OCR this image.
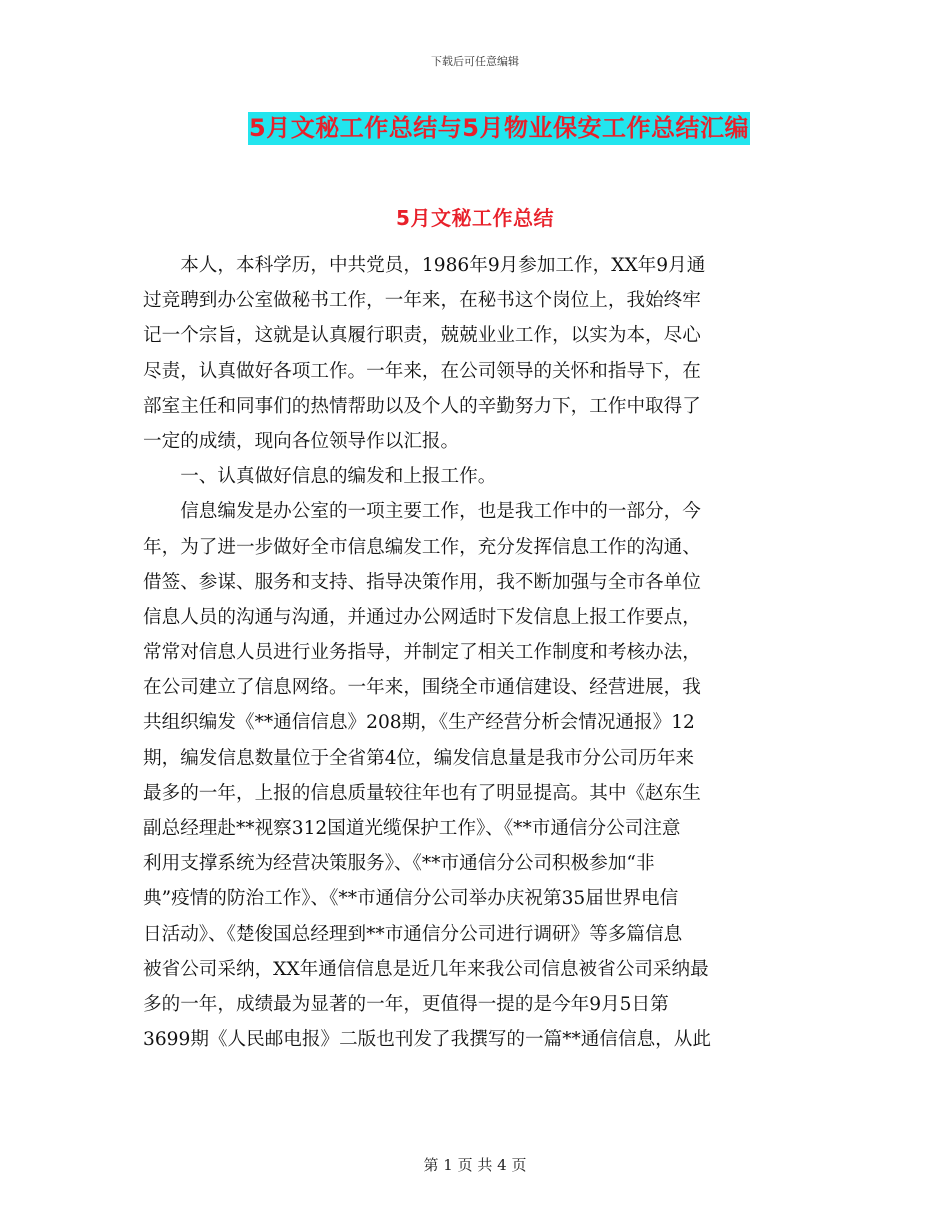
下载后可任意编辑
5月文秘工作总结与5月物业保安工作总结汇编
5月文秘工作总结
　　本人，本科学历，中共党员，1986年9月参加工作，XX年9月通
过竞聘到办公室做秘书工作，一年来，在秘书这个岗位上，我始终牢
记一个宗旨，这就是认真履行职责，兢兢业业工作，以实为本，尽心
尽责，认真做好各项工作。一年来，在公司领导的关怀和指导下，在
部室主任和同事们的热情帮助以及个人的辛勤努力下，工作中取得了
一定的成绩，现向各位领导作以汇报。
　　一、认真做好信息的编发和上报工作。
　　信息编发是办公室的一项主要工作，也是我工作中的一部分，今
年，为了进一步做好全市信息编发工作，充分发挥信息工作的沟通、
借签、参谋、服务和支持、指导决策作用，我不断加强与全市各单位
信息人员的沟通与沟通，并通过办公网适时下发信息上报工作要点，
常常对信息人员进行业务指导，并制定了相关工作制度和考核办法，
在公司建立了信息网络。一年来，围绕全市通信建设、经营进展，我
共组织编发《**通信信息》208期，《生产经营分析会情况通报》12
期，编发信息数量位于全省第4位，编发信息量是我市分公司历年来
最多的一年，上报的信息质量较往年也有了明显提高。其中《赵东生
副总经理赴**视察312国道光缆保护工作》、《**市通信分公司注意
利用支撑系统为经营决策服务》、《**市通信分公司积极参加“非
典”疫情的防治工作》、《**市通信分公司举办庆祝第35届世界电信
日活动》、《楚俊国总经理到**市通信分公司进行调研》等多篇信息
被省公司采纳，XX年通信信息是近几年来我公司信息被省公司采纳最
多的一年，成绩最为显著的一年，更值得一提的是今年9月5日第
3699期《人民邮电报》二版也刊发了我撰写的一篇**通信信息，从此
第 1 页 共 4 页
